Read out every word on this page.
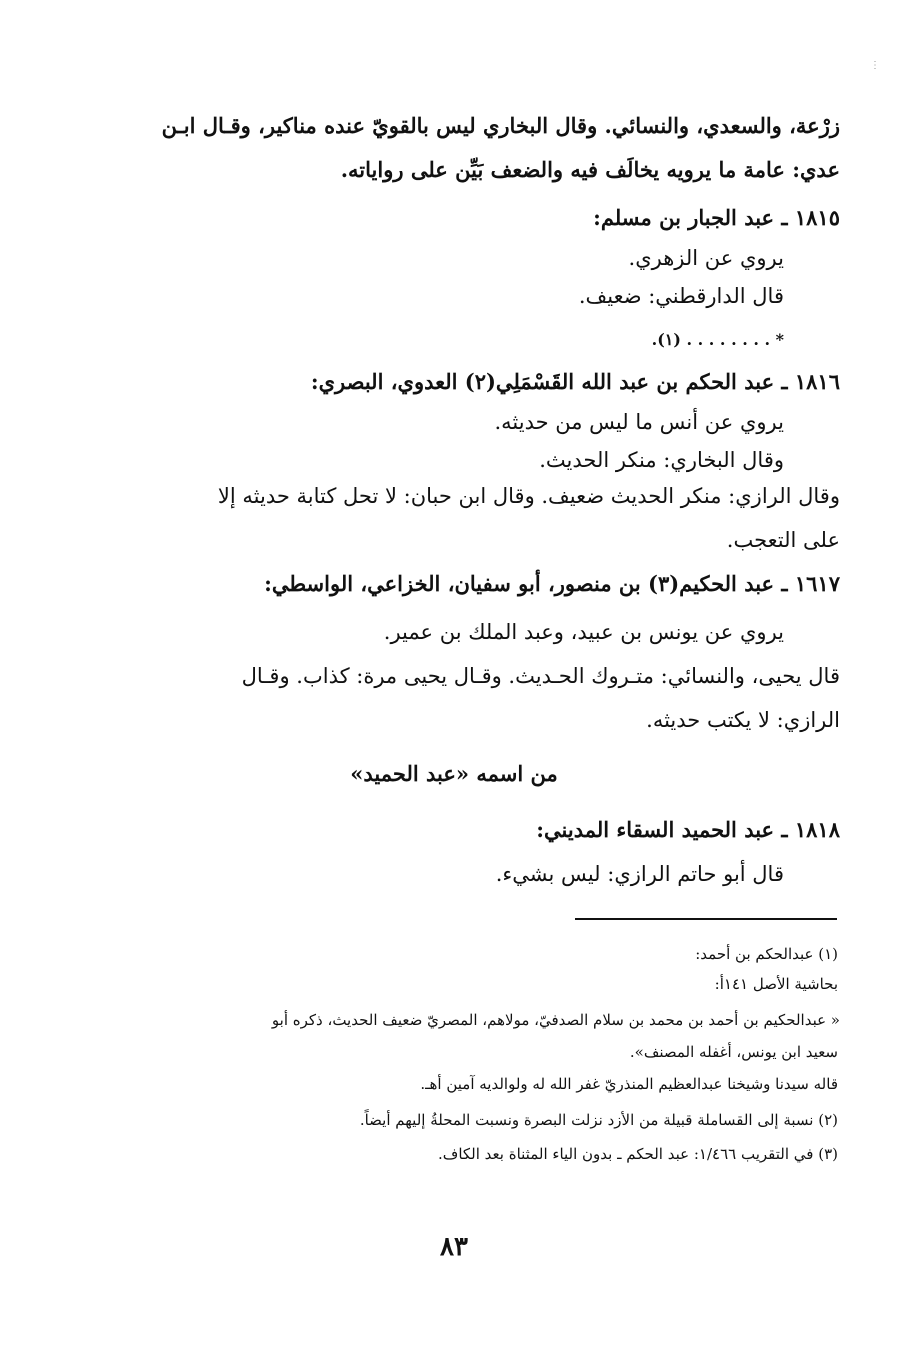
زرْعة، والسعدي، والنسائي. وقال البخاري ليس بالقويّ عنده مناكير، وقـال ابـن
عدي: عامة ما يرويه يخالَف فيه والضعف بَيِّن على رواياته.
١٨١٥ ـ عبد الجبار بن مسلم:
يروي عن الزهري.
قال الدارقطني: ضعيف.
* . . . . . . . . (١).
١٨١٦ ـ عبد الحكم بن عبد الله القَسْمَلِي(٢) العدوي، البصري:
يروي عن أنس ما ليس من حديثه.
وقال البخاري: منكر الحديث.
وقال الرازي: منكر الحديث ضعيف. وقال ابن حبان: لا تحل كتابة حديثه إلا
على التعجب.
١٦١٧ ـ عبد الحكيم(٣) بن منصور، أبو سفيان، الخزاعي، الواسطي:
يروي عن يونس بن عبيد، وعبد الملك بن عمير.
قال يحيى، والنسائي: متـروك الحـديث. وقـال يحيى مرة: كذاب. وقـال
الرازي: لا يكتب حديثه.
من اسمه «عبد الحميد»
١٨١٨ ـ عبد الحميد السقاء المديني:
قال أبو حاتم الرازي: ليس بشيء.
(١) عبدالحكم بن أحمد:
بحاشية الأصل ١٤١أ:
« عبدالحكيم بن أحمد بن محمد بن سلام الصدفيّ، مولاهم، المصريّ ضعيف الحديث، ذكره أبو
سعيد ابن يونس، أغفله المصنف».
قاله سيدنا وشيخنا عبدالعظيم المنذريّ غفر الله له ولوالديه آمين أهـ.
(٢) نسبة إلى القساملة قبيلة من الأزد نزلت البصرة ونسبت المحلةُ إليهم أيضاً.
(٣) في التقريب ١/٤٦٦: عبد الحكم ـ بدون الياء المثناة بعد الكاف.
٨٣
⋮
